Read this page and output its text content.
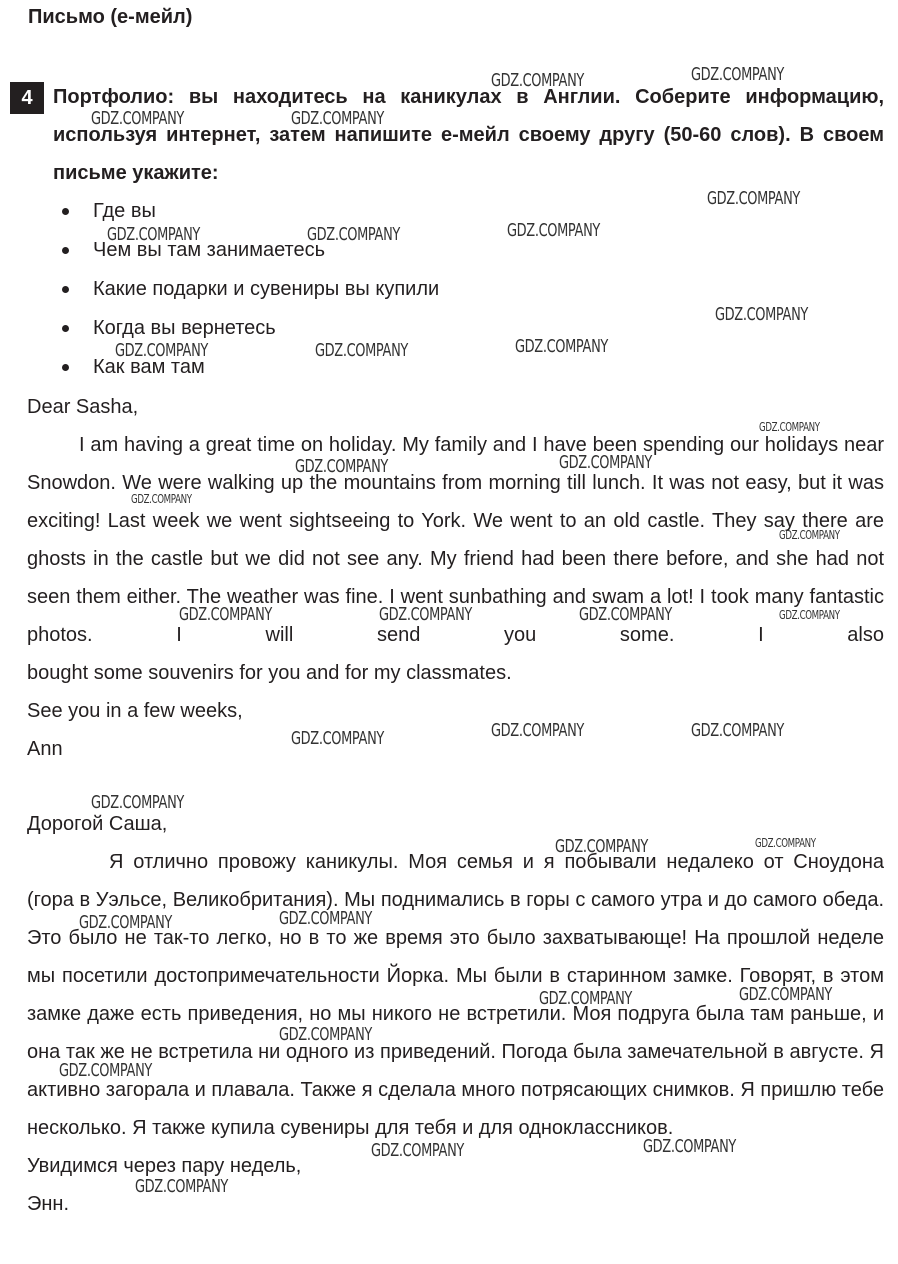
Письмо (е-мейл)
4	Портфолио: вы находитесь на каникулах в Англии. Соберите информацию, используя интернет, затем напишите е-мейл своему другу (50-60 слов). В своем письме укажите:

Где вы
Чем вы там занимаетесь
Какие подарки и сувениры вы купили
Когда вы вернетесь
Как вам там

Dear Sasha,

I am having a great time on holiday. My family and I have been spending our holidays near Snowdon. We were walking up the mountains from morning till lunch. It was not easy, but it was exciting! Last week we went sightseeing to York. We went to an old castle. They say there are ghosts in the castle but we did not see any. My friend had been there before, and she had not seen them either. The weather was fine. I went sunbathing and swam a lot! I took many fantastic photos. I will send you some. I also

bought some souvenirs for you and for my classmates.

See you in a few weeks,

Ann

Дорогой Саша,

Я отлично провожу каникулы. Моя семья и я побывали недалеко от Сноудона (гора в Уэльсе, Великобритания). Мы поднимались в горы с самого утра и до самого обеда. Это было не так-то легко, но в то же время это было захватывающе! На прошлой неделе мы посетили достопримечательности Йорка. Мы были в старинном замке. Говорят, в этом замке даже есть приведения, но мы никого не встретили. Моя подруга была там раньше, и она так же не встретила ни одного из приведений. Погода была замечательной в августе. Я активно загорала и плавала. Также я сделала много потрясающих снимков. Я пришлю тебе

несколько. Я также купила сувениры для тебя и для одноклассников.

Увидимся через пару недель,

Энн.

GDZ.COMPANY	GDZ.COMPANY
GDZ.COMPANY	GDZ.COMPANY
GDZ.COMPANY
GDZ.COMPANY	GDZ.COMPANY	GDZ.COMPANY
GDZ.COMPANY
GDZ.COMPANY	GDZ.COMPANY	GDZ.COMPANY
GDZ.COMPANY
GDZ.COMPANY	GDZ.COMPANY
GDZ.COMPANY
GDZ.COMPANY
GDZ.COMPANY	GDZ.COMPANY	GDZ.COMPANY	GDZ.COMPANY
GDZ.COMPANY	GDZ.COMPANY	GDZ.COMPANY
GDZ.COMPANY
GDZ.COMPANY	GDZ.COMPANY
GDZ.COMPANY	GDZ.COMPANY
GDZ.COMPANY	GDZ.COMPANY
GDZ.COMPANY
GDZ.COMPANY
GDZ.COMPANY	GDZ.COMPANY
GDZ.COMPANY
